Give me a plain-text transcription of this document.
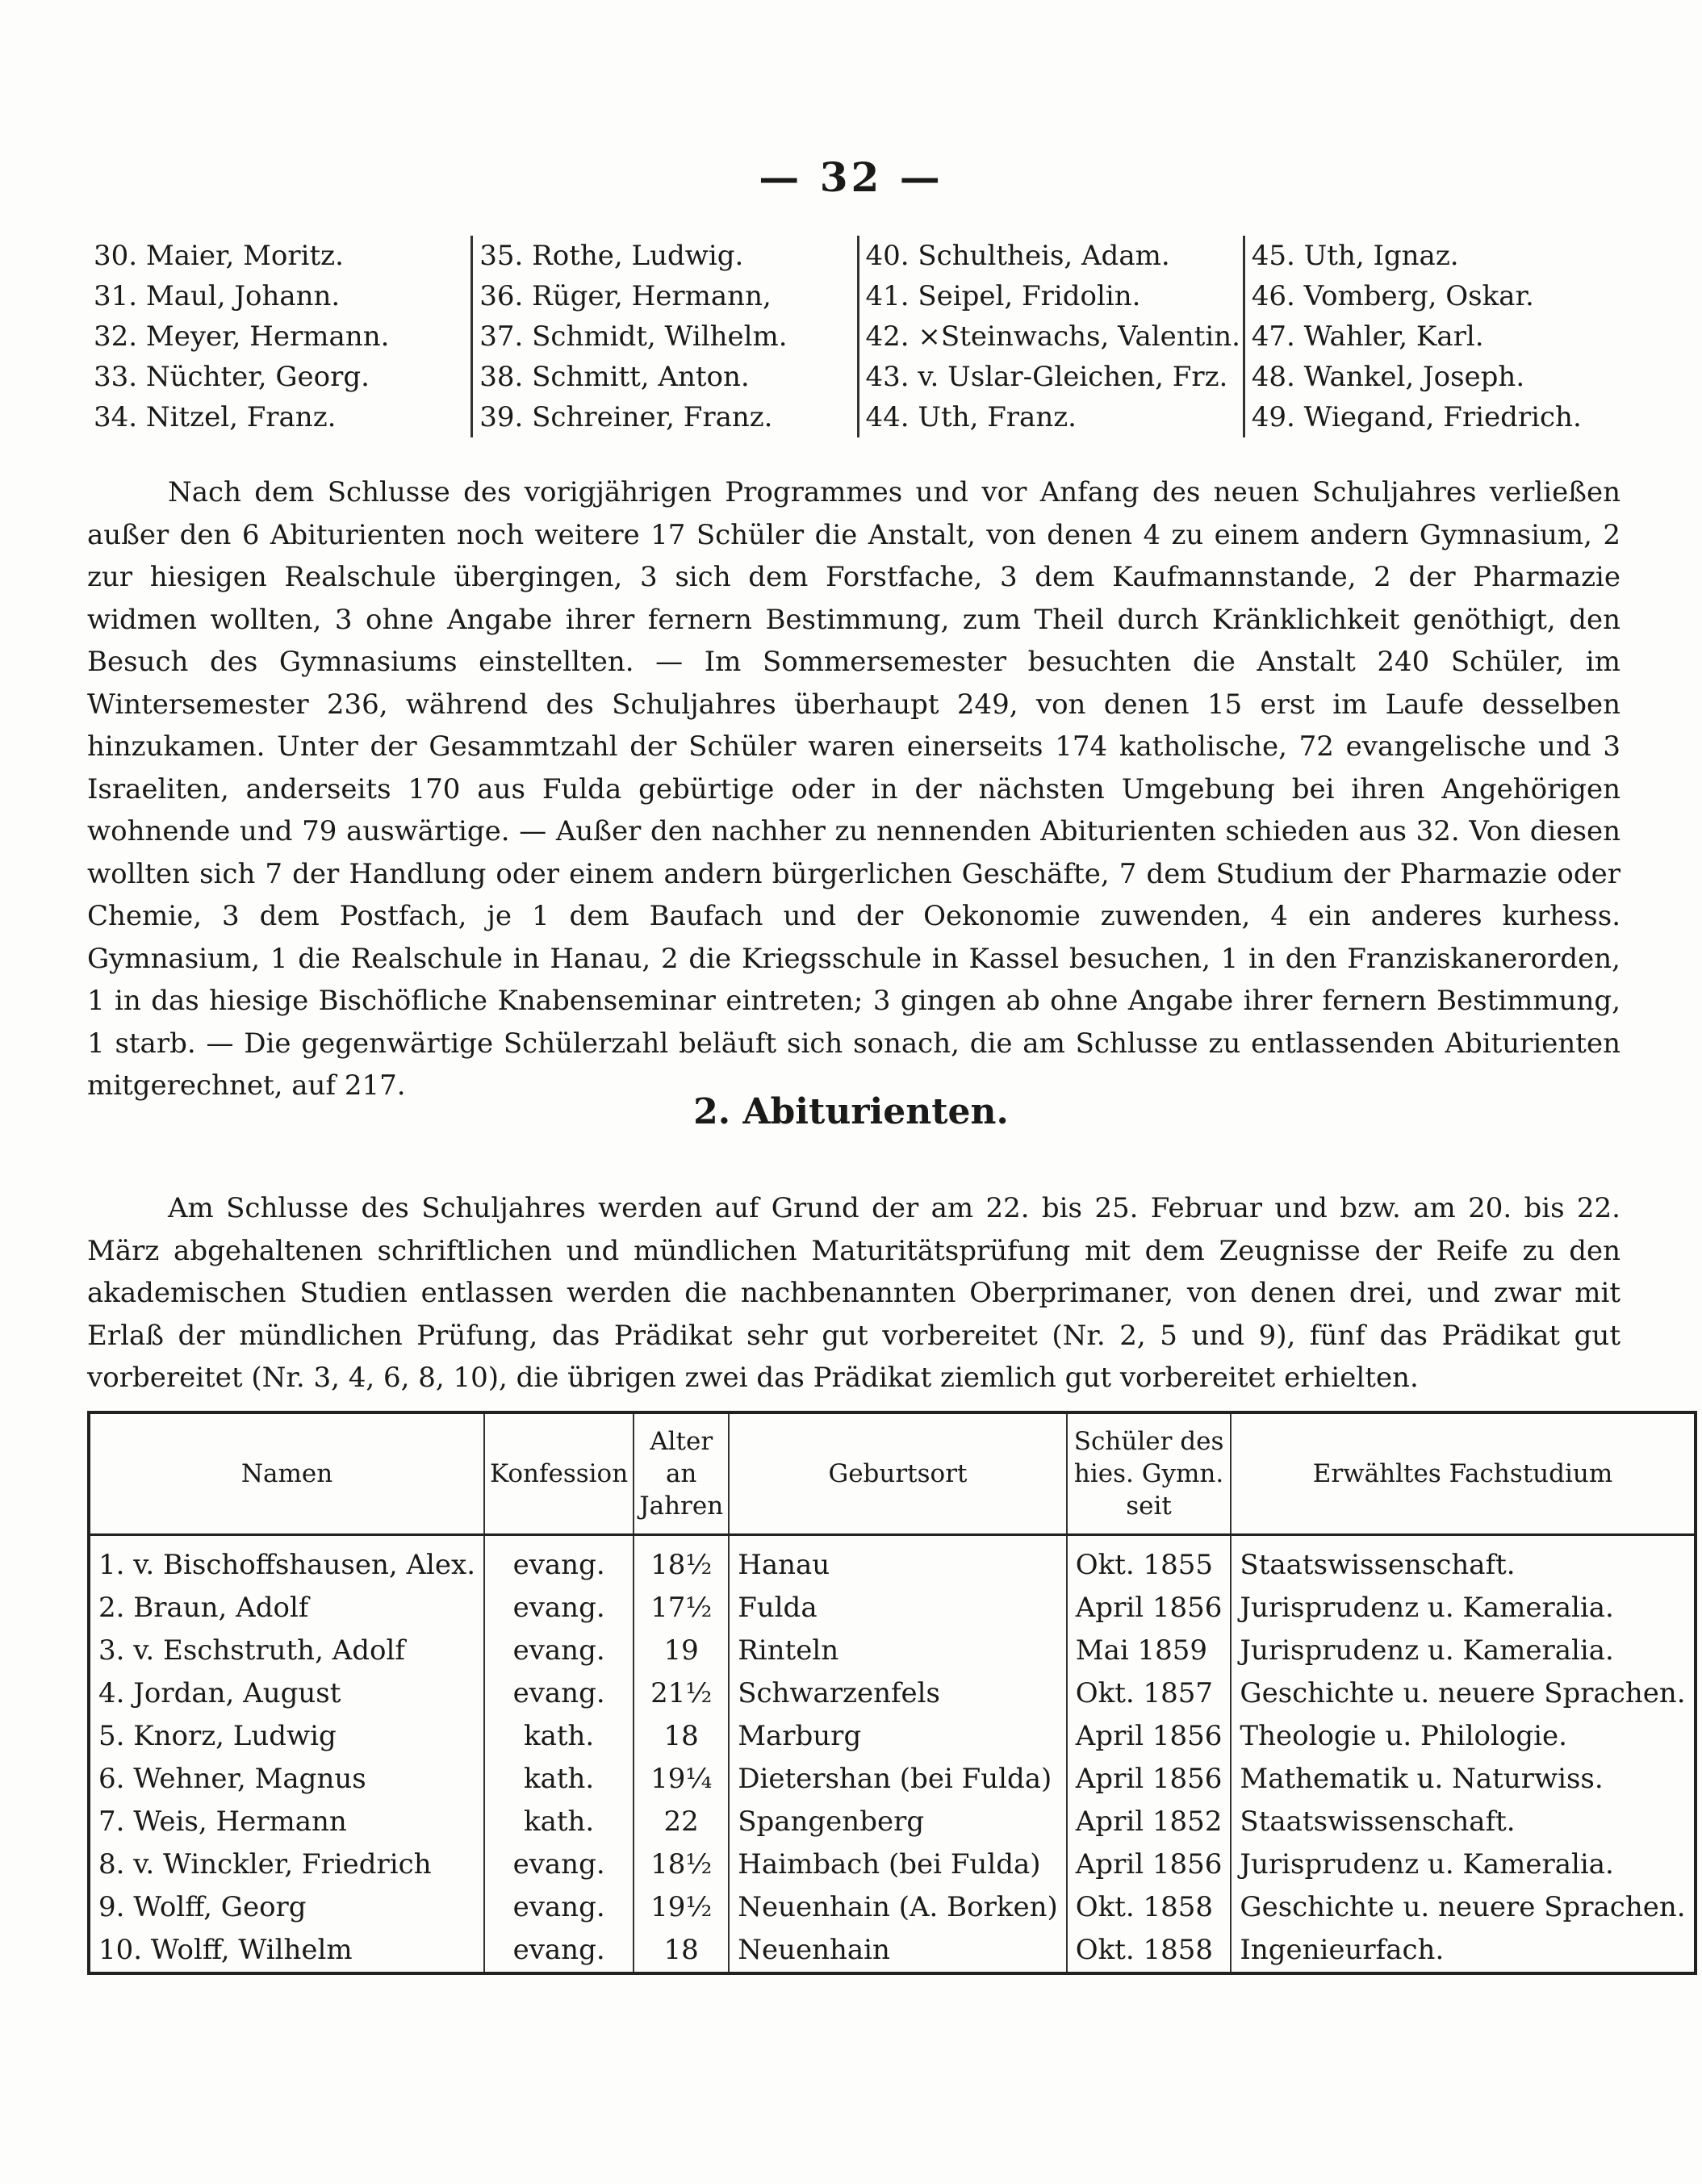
— 32 —
30. Maier, Moritz.
31. Maul, Johann.
32. Meyer, Hermann.
33. Nüchter, Georg.
34. Nitzel, Franz.
35. Rothe, Ludwig.
36. Rüger, Hermann,
37. Schmidt, Wilhelm.
38. Schmitt, Anton.
39. Schreiner, Franz.
40. Schultheis, Adam.
41. Seipel, Fridolin.
42. ×Steinwachs, Valentin.
43. v. Uslar-Gleichen, Frz.
44. Uth, Franz.
45. Uth, Ignaz.
46. Vomberg, Oskar.
47. Wahler, Karl.
48. Wankel, Joseph.
49. Wiegand, Friedrich.

Nach dem Schlusse des vorigjährigen Programmes und vor Anfang des neuen Schuljahres verließen außer den 6 Abiturienten noch weitere 17 Schüler die Anstalt, von denen 4 zu einem andern Gymnasium, 2 zur hiesigen Realschule übergingen, 3 sich dem Forstfache, 3 dem Kaufmannstande, 2 der Pharmazie widmen wollten, 3 ohne Angabe ihrer fernern Bestimmung, zum Theil durch Kränklichkeit genöthigt, den Besuch des Gymnasiums einstellten. — Im Sommersemester besuchten die Anstalt 240 Schüler, im Wintersemester 236, während des Schuljahres überhaupt 249, von denen 15 erst im Laufe desselben hinzukamen. Unter der Gesammtzahl der Schüler waren einerseits 174 katholische, 72 evangelische und 3 Israeliten, anderseits 170 aus Fulda gebürtige oder in der nächsten Umgebung bei ihren Angehörigen wohnende und 79 auswärtige. — Außer den nachher zu nennenden Abiturienten schieden aus 32. Von diesen wollten sich 7 der Handlung oder einem andern bürgerlichen Geschäfte, 7 dem Studium der Pharmazie oder Chemie, 3 dem Postfach, je 1 dem Baufach und der Oekonomie zuwenden, 4 ein anderes kurhess. Gymnasium, 1 die Realschule in Hanau, 2 die Kriegsschule in Kassel besuchen, 1 in den Franziskanerorden, 1 in das hiesige Bischöfliche Knabenseminar eintreten; 3 gingen ab ohne Angabe ihrer fernern Bestimmung, 1 starb. — Die gegenwärtige Schülerzahl beläuft sich sonach, die am Schlusse zu entlassenden Abiturienten mitgerechnet, auf 217.

2. Abiturienten.

Am Schlusse des Schuljahres werden auf Grund der am 22. bis 25. Februar und bzw. am 20. bis 22. März abgehaltenen schriftlichen und mündlichen Maturitätsprüfung mit dem Zeugnisse der Reife zu den akademischen Studien entlassen werden die nachbenannten Oberprimaner, von denen drei, und zwar mit Erlaß der mündlichen Prüfung, das Prädikat sehr gut vorbereitet (Nr. 2, 5 und 9), fünf das Prädikat gut vorbereitet (Nr. 3, 4, 6, 8, 10), die übrigen zwei das Prädikat ziemlich gut vorbereitet erhielten.

Namen	Konfession	Alter an Jahren	Geburtsort	Schüler des hies. Gymn. seit	Erwähltes Fachstudium
1. v. Bischoffshausen, Alex.	evang.	18½	Hanau	Okt. 1855	Staatswissenschaft.
2. Braun, Adolf	evang.	17½	Fulda	April 1856	Jurisprudenz u. Kameralia.
3. v. Eschstruth, Adolf	evang.	19	Rinteln	Mai 1859	Jurisprudenz u. Kameralia.
4. Jordan, August	evang.	21½	Schwarzenfels	Okt. 1857	Geschichte u. neuere Sprachen.
5. Knorz, Ludwig	kath.	18	Marburg	April 1856	Theologie u. Philologie.
6. Wehner, Magnus	kath.	19¼	Dietershan (bei Fulda)	April 1856	Mathematik u. Naturwiss.
7. Weis, Hermann	kath.	22	Spangenberg	April 1852	Staatswissenschaft.
8. v. Winckler, Friedrich	evang.	18½	Haimbach (bei Fulda)	April 1856	Jurisprudenz u. Kameralia.
9. Wolff, Georg	evang.	19½	Neuenhain (A. Borken)	Okt. 1858	Geschichte u. neuere Sprachen.
10. Wolff, Wilhelm	evang.	18	Neuenhain	Okt. 1858	Ingenieurfach.
